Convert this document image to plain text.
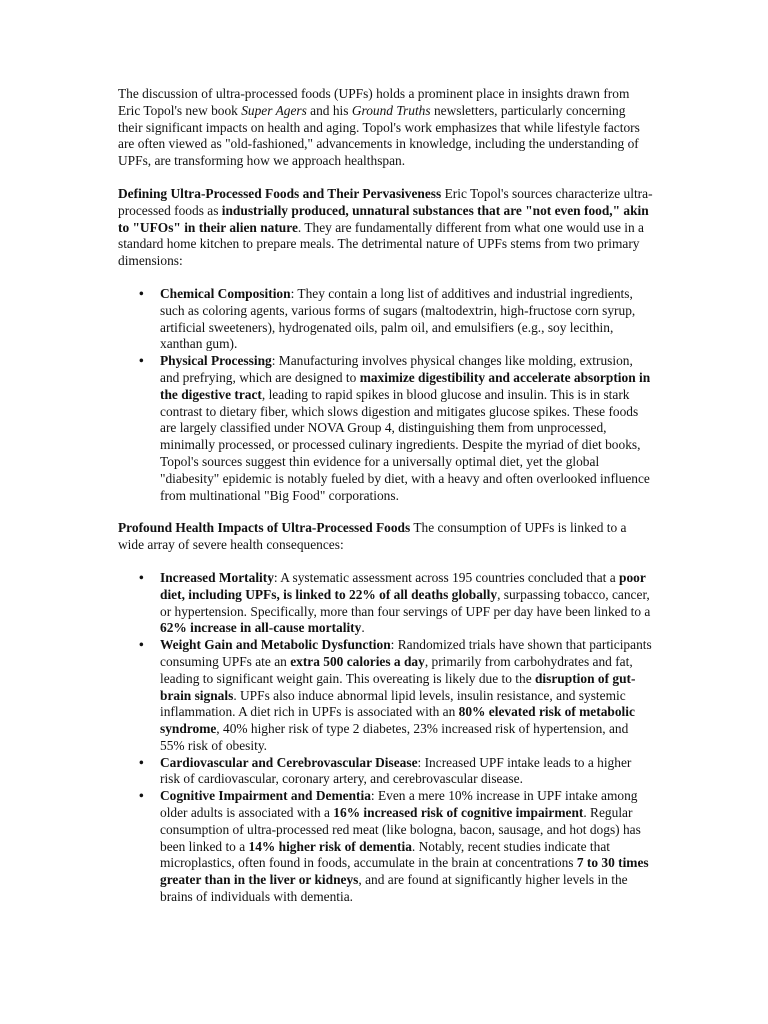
The discussion of ultra-processed foods (UPFs) holds a prominent place in insights drawn from Eric Topol's new book Super Agers and his Ground Truths newsletters, particularly concerning their significant impacts on health and aging. Topol's work emphasizes that while lifestyle factors are often viewed as "old-fashioned," advancements in knowledge, including the understanding of UPFs, are transforming how we approach healthspan.

Defining Ultra-Processed Foods and Their Pervasiveness Eric Topol's sources characterize ultra-processed foods as industrially produced, unnatural substances that are "not even food," akin to "UFOs" in their alien nature. They are fundamentally different from what one would use in a standard home kitchen to prepare meals. The detrimental nature of UPFs stems from two primary dimensions:

• Chemical Composition: They contain a long list of additives and industrial ingredients, such as coloring agents, various forms of sugars (maltodextrin, high-fructose corn syrup, artificial sweeteners), hydrogenated oils, palm oil, and emulsifiers (e.g., soy lecithin, xanthan gum).
• Physical Processing: Manufacturing involves physical changes like molding, extrusion, and prefrying, which are designed to maximize digestibility and accelerate absorption in the digestive tract, leading to rapid spikes in blood glucose and insulin. This is in stark contrast to dietary fiber, which slows digestion and mitigates glucose spikes. These foods are largely classified under NOVA Group 4, distinguishing them from unprocessed, minimally processed, or processed culinary ingredients. Despite the myriad of diet books, Topol's sources suggest thin evidence for a universally optimal diet, yet the global "diabesity" epidemic is notably fueled by diet, with a heavy and often overlooked influence from multinational "Big Food" corporations.

Profound Health Impacts of Ultra-Processed Foods The consumption of UPFs is linked to a wide array of severe health consequences:

• Increased Mortality: A systematic assessment across 195 countries concluded that a poor diet, including UPFs, is linked to 22% of all deaths globally, surpassing tobacco, cancer, or hypertension. Specifically, more than four servings of UPF per day have been linked to a 62% increase in all-cause mortality.
• Weight Gain and Metabolic Dysfunction: Randomized trials have shown that participants consuming UPFs ate an extra 500 calories a day, primarily from carbohydrates and fat, leading to significant weight gain. This overeating is likely due to the disruption of gut-brain signals. UPFs also induce abnormal lipid levels, insulin resistance, and systemic inflammation. A diet rich in UPFs is associated with an 80% elevated risk of metabolic syndrome, 40% higher risk of type 2 diabetes, 23% increased risk of hypertension, and 55% risk of obesity.
• Cardiovascular and Cerebrovascular Disease: Increased UPF intake leads to a higher risk of cardiovascular, coronary artery, and cerebrovascular disease.
• Cognitive Impairment and Dementia: Even a mere 10% increase in UPF intake among older adults is associated with a 16% increased risk of cognitive impairment. Regular consumption of ultra-processed red meat (like bologna, bacon, sausage, and hot dogs) has been linked to a 14% higher risk of dementia. Notably, recent studies indicate that microplastics, often found in foods, accumulate in the brain at concentrations 7 to 30 times greater than in the liver or kidneys, and are found at significantly higher levels in the brains of individuals with dementia.
